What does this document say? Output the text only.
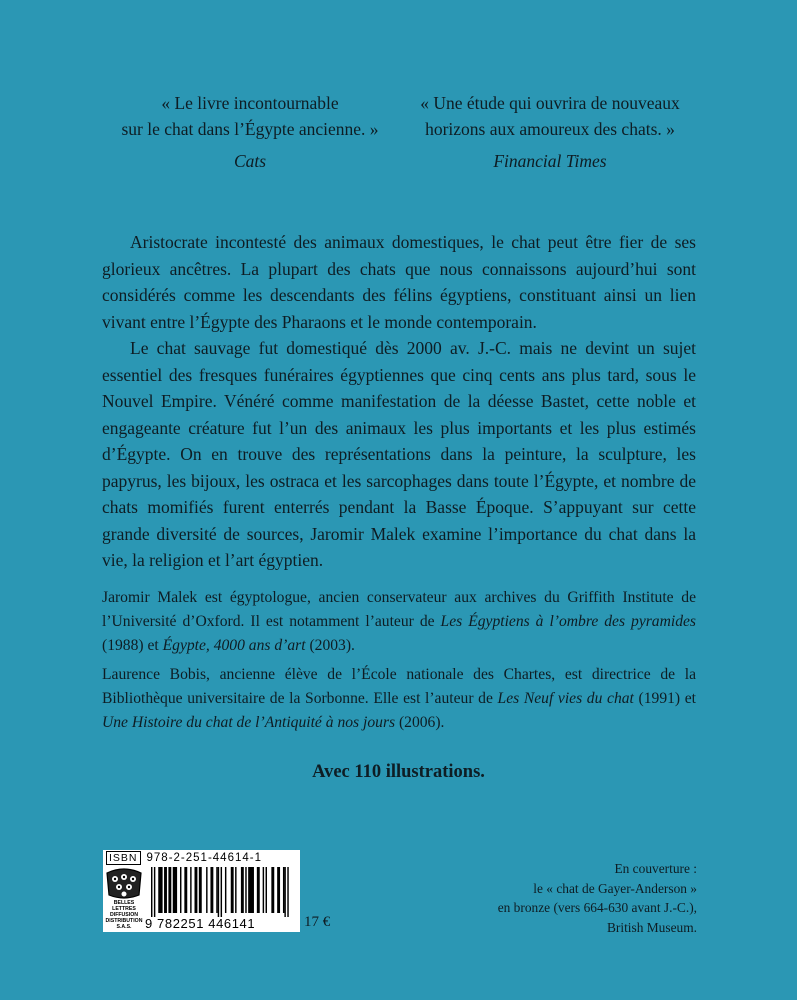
« Le livre incontournable
sur le chat dans l’Égypte ancienne. »
Cats
« Une étude qui ouvrira de nouveaux
horizons aux amoureux des chats. »
Financial Times

Aristocrate incontesté des animaux domestiques, le chat peut être fier de ses glorieux ancêtres. La plupart des chats que nous connaissons aujourd’hui sont considérés comme les descendants des félins égyptiens, constituant ainsi un lien vivant entre l’Égypte des Pharaons et le monde contemporain.

Le chat sauvage fut domestiqué dès 2000 av. J.-C. mais ne devint un sujet essentiel des fresques funéraires égyptiennes que cinq cents ans plus tard, sous le Nouvel Empire. Vénéré comme manifestation de la déesse Bastet, cette noble et engageante créature fut l’un des animaux les plus importants et les plus estimés d’Égypte. On en trouve des représentations dans la peinture, la sculpture, les papyrus, les bijoux, les ostraca et les sarcophages dans toute l’Égypte, et nombre de chats momifiés furent enterrés pendant la Basse Époque. S’appuyant sur cette grande diversité de sources, Jaromir Malek examine l’importance du chat dans la vie, la religion et l’art égyptien.

Jaromir Malek est égyptologue, ancien conservateur aux archives du Griffith Institute de l’Université d’Oxford. Il est notamment l’auteur de Les Égyptiens à l’ombre des pyramides (1988) et Égypte, 4000 ans d’art (2003).

Laurence Bobis, ancienne élève de l’École nationale des Chartes, est directrice de la Bibliothèque universitaire de la Sorbonne. Elle est l’auteur de Les Neuf vies du chat (1991) et Une Histoire du chat de l’Antiquité à nos jours (2006).

Avec 110 illustrations.
ISBN 978-2-251-44614-1
BELLES LETTRES DIFFUSION DISTRIBUTION S.A.S.	9 782251 446141	17 €
En couverture :
le « chat de Gayer-Anderson »
en bronze (vers 664-630 avant J.-C.),
British Museum.
